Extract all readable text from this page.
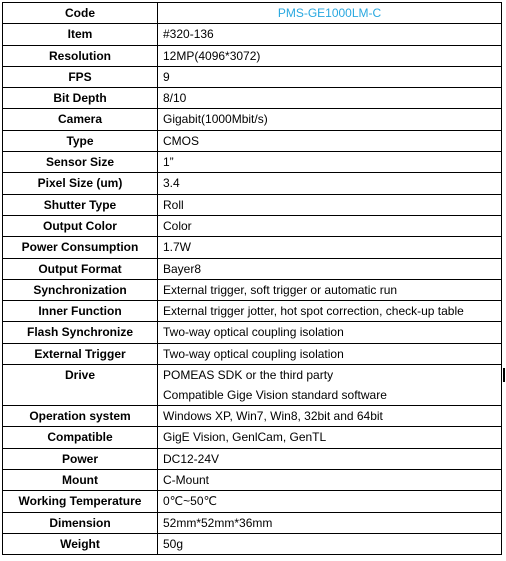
Code	PMS-GE1000LM-C
Item	#320-136
Resolution	12MP(4096*3072)
FPS	9
Bit Depth	8/10
Camera	Gigabit(1000Mbit/s)
Type	CMOS
Sensor Size	1”
Pixel Size (um)	3.4
Shutter Type	Roll
Output Color	Color
Power Consumption	1.7W
Output Format	Bayer8
Synchronization	External trigger, soft trigger or automatic run
Inner Function	External trigger jotter, hot spot correction, check-up table
Flash Synchronize	Two-way optical coupling isolation
External Trigger	Two-way optical coupling isolation
Drive	POMEAS SDK or the third party
Compatible Gige Vision standard software

Operation system	Windows XP, Win7, Win8, 32bit and 64bit
Compatible	GigE Vision, GenlCam, GenTL
Power	DC12-24V
Mount	C-Mount
Working Temperature	0℃~50℃
Dimension	52mm*52mm*36mm
Weight	50g
